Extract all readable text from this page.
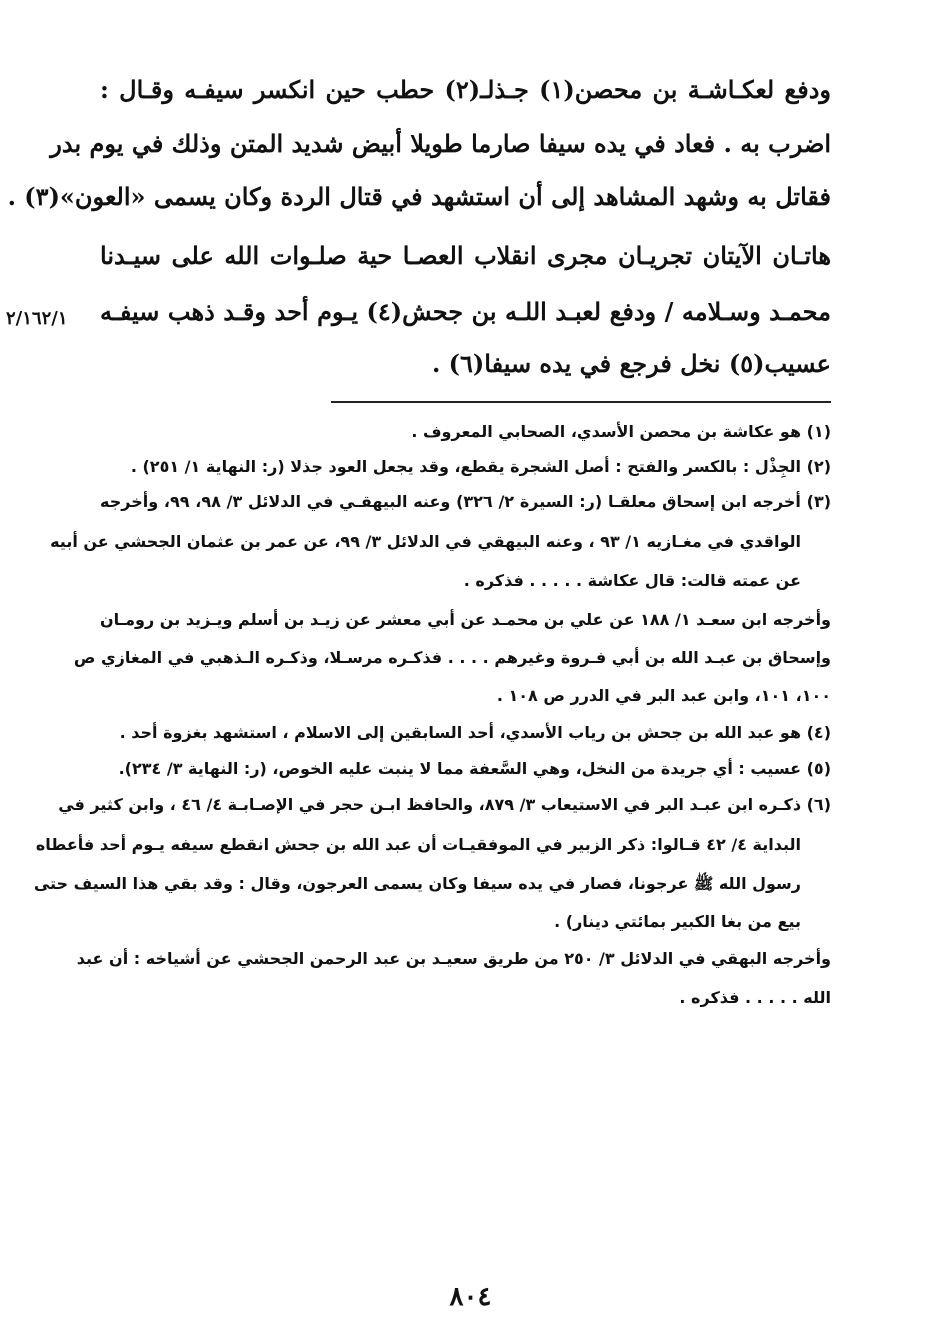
ودفع لعكـاشـة بن محصن(١) جـذلـ(٢) حطب حين انكسر سيفـه وقـال :
اضرب به . فعاد في يده سيفا صارما طويلا أبيض شديد المتن وذلك في يوم بدر
فقاتل به وشهد المشاهد إلى أن استشهد في قتال الردة وكان يسمى «العون»(٣) .
هاتـان الآيتان تجريـان مجرى انقلاب العصـا حية صلـوات الله على سيـدنا
محمـد وسـلامه / ودفع لعبـد اللـه بن جحش(٤) يـوم أحد وقـد ذهب سيفـه
عسيب(٥) نخل فرجع في يده سيفا(٦) .
٢/١٦٢/١
(١) هو عكاشة بن محصن الأسدي، الصحابي المعروف .
(٢) الجِذْل : بالكسر والفتح : أصل الشجرة يقطع، وقد يجعل العود جذلا (ر: النهاية ١/ ٢٥١) .
(٣) أخرجه ابن إسحاق معلقـا (ر: السيرة ٢/ ٣٢٦) وعنه البيهقـي في الدلائل ٣/ ٩٨، ٩٩، وأخرجه
الواقدي في مغـازيه ١/ ٩٣ ، وعنه البيهقي في الدلائل ٣/ ٩٩، عن عمر بن عثمان الجحشي عن أبيه
عن عمته قالت: قال عكاشة . . . . . فذكره .
وأخرجه ابن سعـد ١/ ١٨٨ عن علي بن محمـد عن أبي معشر عن زيـد بن أسلم ويـزيد بن رومـان
وإسحاق بن عبـد الله بن أبي فـروة وغيرهم . . . . فذكـره مرسـلا، وذكـره الـذهبي في المغازي ص
١٠٠، ١٠١، وابن عبد البر في الدرر ص ١٠٨ .
(٤) هو عبد الله بن جحش بن رياب الأسدي، أحد السابقين إلى الاسلام ، استشهد بغزوة أحد .
(٥) عسيب : أي جريدة من النخل، وهي السَّعفة مما لا ينبت عليه الخوص، (ر: النهاية ٣/ ٢٣٤).
(٦) ذكـره ابن عبـد البر في الاستيعاب ٣/ ٨٧٩، والحافظ ابـن حجر في الإصـابـة ٤/ ٤٦ ، وابن كثير في
البداية ٤/ ٤٢ قـالوا: ذكر الزبير في الموفقيـات أن عبد الله بن جحش انقطع سيفه يـوم أحد فأعطاه
رسول الله ﷺ عرجونا، فصار في يده سيفا وكان يسمى العرجون، وقال : وقد بقي هذا السيف حتى
بيع من بغا الكبير بمائتي دينار) .
وأخرجه البهقي في الدلائل ٣/ ٢٥٠ من طريق سعيـد بن عبد الرحمن الجحشي عن أشياخه : أن عبد
الله . . . . . فذكره .
٨٠٤
